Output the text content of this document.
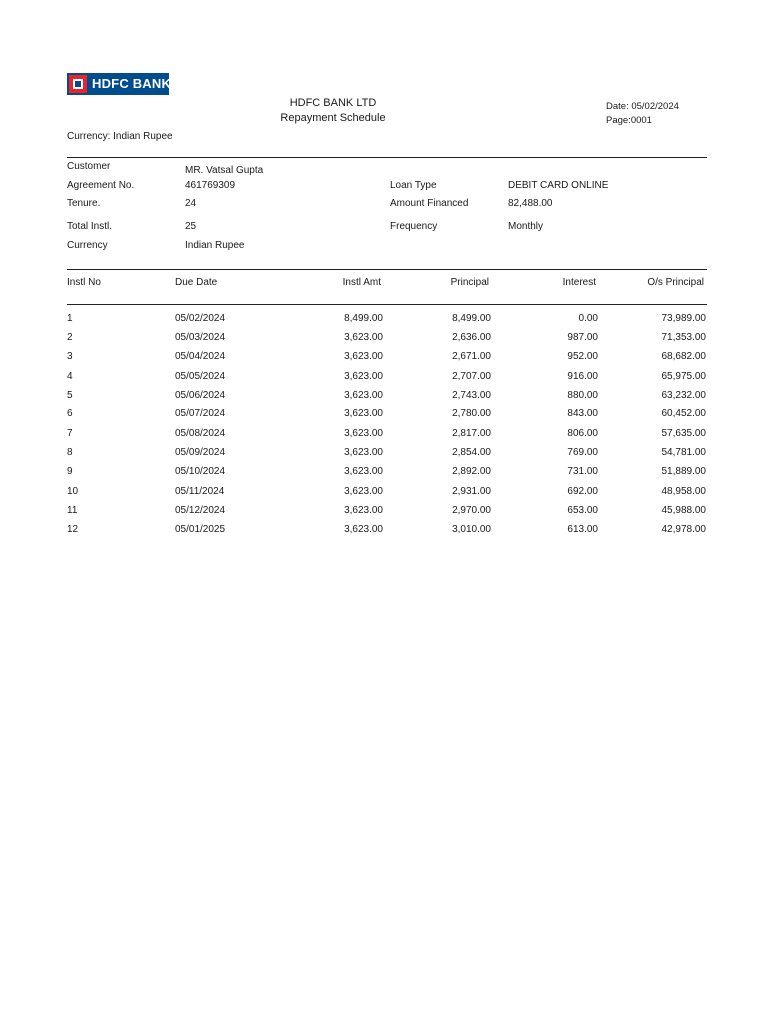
HDFC BANK
HDFC BANK LTD
Repayment Schedule
Date: 05/02/2024
Page:0001
Currency: Indian Rupee
Customer	MR. Vatsal Gupta
Agreement No.	461769309	Loan Type	DEBIT CARD ONLINE
Tenure.	24	Amount Financed	82,488.00
Total Instl.	25	Frequency	Monthly
Currency	Indian Rupee
Instl No	Due Date	Instl Amt	Principal	Interest	O/s Principal
1	05/02/2024	8,499.00	8,499.00	0.00	73,989.00
2	05/03/2024	3,623.00	2,636.00	987.00	71,353.00
3	05/04/2024	3,623.00	2,671.00	952.00	68,682.00
4	05/05/2024	3,623.00	2,707.00	916.00	65,975.00
5	05/06/2024	3,623.00	2,743.00	880.00	63,232.00
6	05/07/2024	3,623.00	2,780.00	843.00	60,452.00
7	05/08/2024	3,623.00	2,817.00	806.00	57,635.00
8	05/09/2024	3,623.00	2,854.00	769.00	54,781.00
9	05/10/2024	3,623.00	2,892.00	731.00	51,889.00
10	05/11/2024	3,623.00	2,931.00	692.00	48,958.00
11	05/12/2024	3,623.00	2,970.00	653.00	45,988.00
12	05/01/2025	3,623.00	3,010.00	613.00	42,978.00
